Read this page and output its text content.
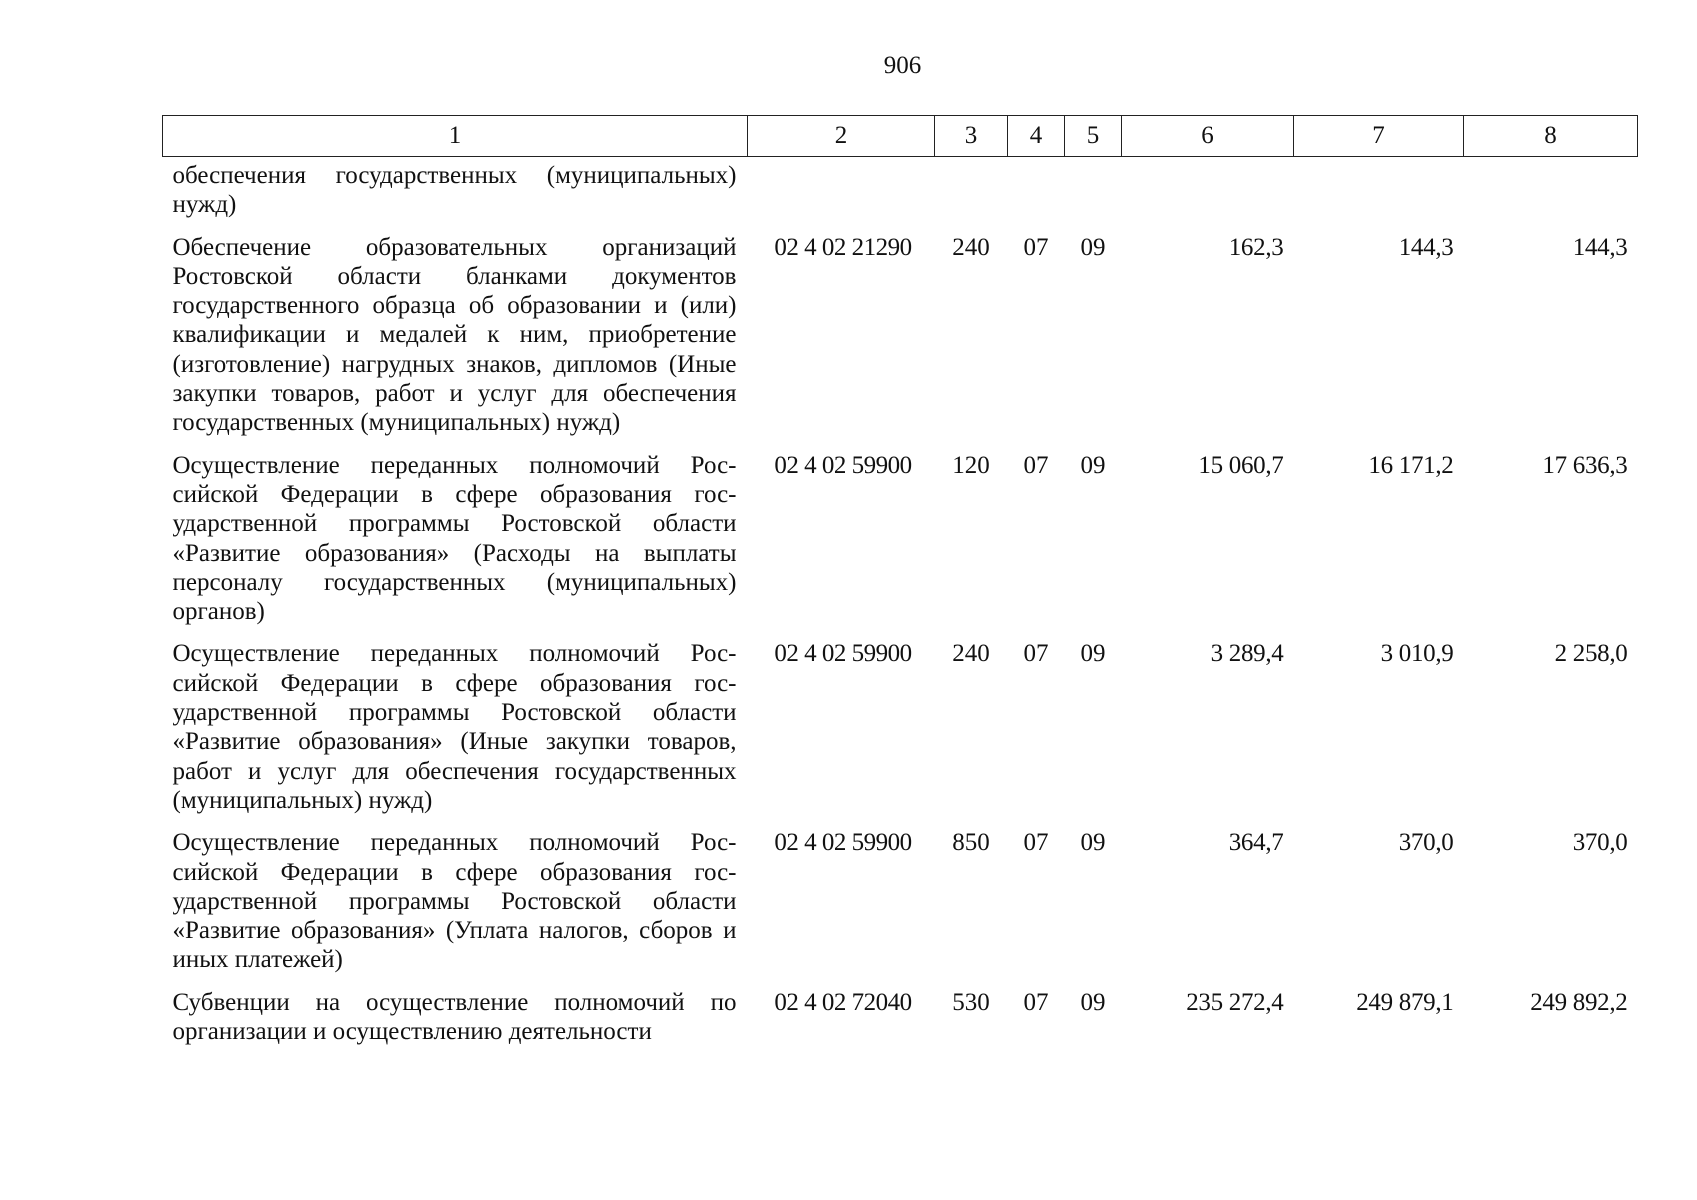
906
1	2	3	4	5	6	7	8
обеспечения государственных (муниципальных) нужд)							
Обеспечение образовательных организаций Ростовской области бланками документов государственного образца об образовании и (или) квалификации и медалей к ним, приобретение (изготовление) нагрудных знаков, дипломов (Иные закупки товаров, работ и услуг для обеспечения государственных (муниципальных) нужд)	02 4 02 21290	240	07	09	162,3	144,3	144,3
Осуществление переданных полномочий Российской Федерации в сфере образования государственной программы Ростовской области «Развитие образования» (Расходы на выплаты персоналу государственных (муниципальных) органов)	02 4 02 59900	120	07	09	15 060,7	16 171,2	17 636,3
Осуществление переданных полномочий Российской Федерации в сфере образования государственной программы Ростовской области «Развитие образования» (Иные закупки товаров, работ и услуг для обеспечения государственных (муниципальных) нужд)	02 4 02 59900	240	07	09	3 289,4	3 010,9	2 258,0
Осуществление переданных полномочий Российской Федерации в сфере образования государственной программы Ростовской области «Развитие образования» (Уплата налогов, сборов и иных платежей)	02 4 02 59900	850	07	09	364,7	370,0	370,0
Субвенции на осуществление полномочий по организации и осуществлению деятельности	02 4 02 72040	530	07	09	235 272,4	249 879,1	249 892,2
